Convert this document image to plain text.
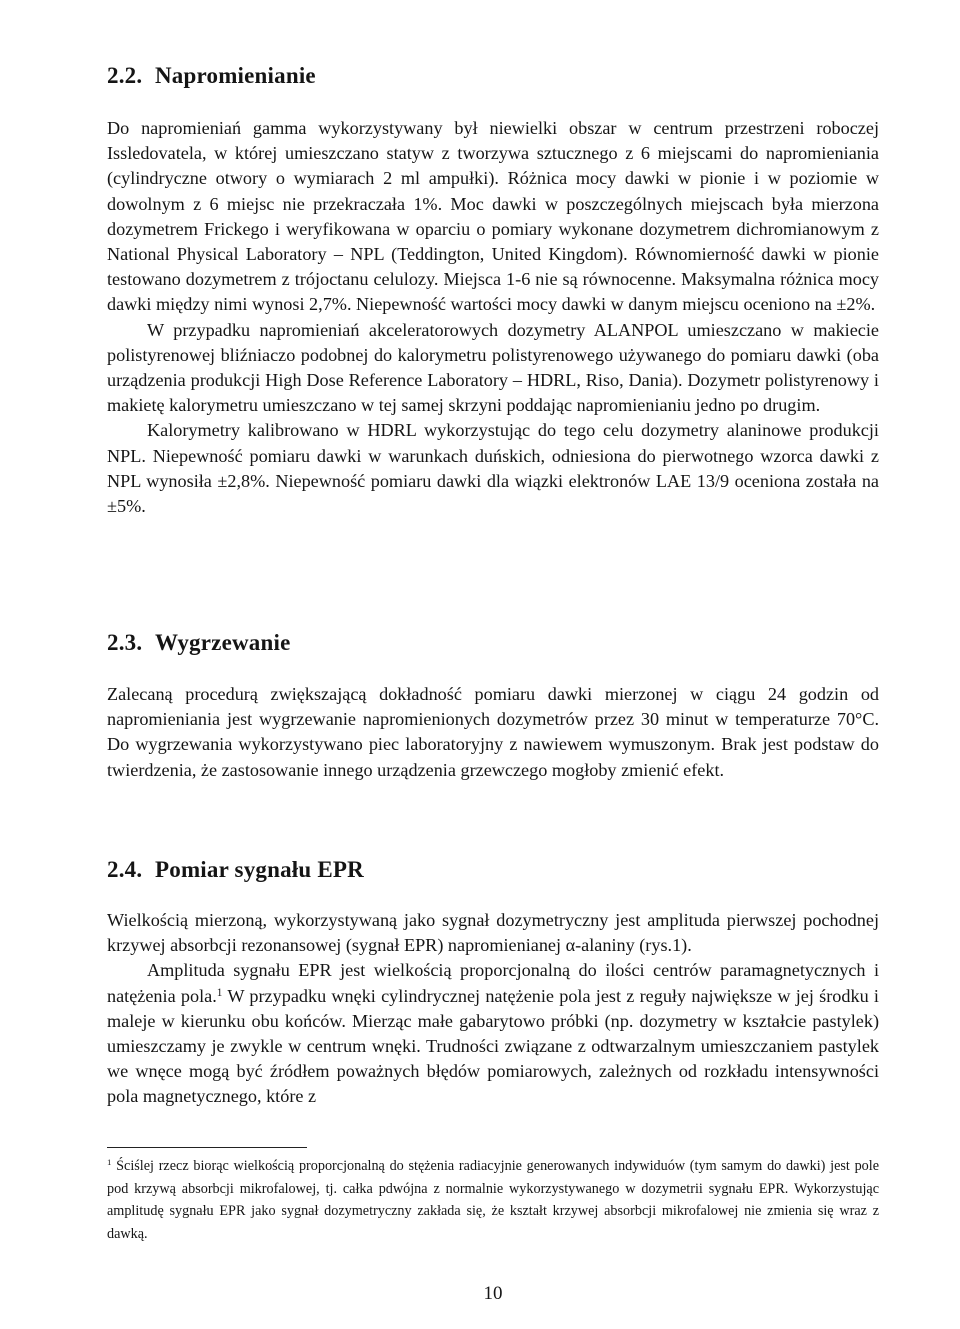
2.2. Napromienianie

Do napromieniań gamma wykorzystywany był niewielki obszar w centrum przestrzeni roboczej Issledovatela, w której umieszczano statyw z tworzywa sztucznego z 6 miejscami do napromieniania (cylindryczne otwory o wymiarach 2 ml ampułki). Różnica mocy dawki w pionie i w poziomie w dowolnym z 6 miejsc nie przekraczała 1%. Moc dawki w poszczególnych miejscach była mierzona dozymetrem Frickego i weryfikowana w oparciu o pomiary wykonane dozymetrem dichromianowym z National Physical Laboratory – NPL (Teddington, United Kingdom). Równomierność dawki w pionie testowano dozymetrem z trójoctanu celulozy. Miejsca 1-6 nie są równocenne. Maksymalna różnica mocy dawki między nimi wynosi 2,7%. Niepewność wartości mocy dawki w danym miejscu oceniono na ±2%.

W przypadku napromieniań akceleratorowych dozymetry ALANPOL umieszczano w makiecie polistyrenowej bliźniaczo podobnej do kalorymetru polistyrenowego używanego do pomiaru dawki (oba urządzenia produkcji High Dose Reference Laboratory – HDRL, Riso, Dania). Dozymetr polistyrenowy i makietę kalorymetru umieszczano w tej samej skrzyni poddając napromienianiu jedno po drugim.

Kalorymetry kalibrowano w HDRL wykorzystując do tego celu dozymetry alaninowe produkcji NPL. Niepewność pomiaru dawki w warunkach duńskich, odniesiona do pierwotnego wzorca dawki z NPL wynosiła ±2,8%. Niepewność pomiaru dawki dla wiązki elektronów LAE 13/9 oceniona została na ±5%.

2.3. Wygrzewanie

Zalecaną procedurą zwiększającą dokładność pomiaru dawki mierzonej w ciągu 24 godzin od napromieniania jest wygrzewanie napromienionych dozymetrów przez 30 minut w temperaturze 70°C. Do wygrzewania wykorzystywano piec laboratoryjny z nawiewem wymuszonym. Brak jest podstaw do twierdzenia, że zastosowanie innego urządzenia grzewczego mogłoby zmienić efekt.

2.4. Pomiar sygnału EPR

Wielkością mierzoną, wykorzystywaną jako sygnał dozymetryczny jest amplituda pierwszej pochodnej krzywej absorbcji rezonansowej (sygnał EPR) napromienianej α-alaniny (rys.1).

Amplituda sygnału EPR jest wielkością proporcjonalną do ilości centrów paramagnetycznych i natężenia pola.$^1$ W przypadku wnęki cylindrycznej natężenie pola jest z reguły największe w jej środku i maleje w kierunku obu końców. Mierząc małe gabarytowo próbki (np. dozymetry w kształcie pastylek) umieszczamy je zwykle w centrum wnęki. Trudności związane z odtwarzalnym umieszczaniem pastylek we wnęce mogą być źródłem poważnych błędów pomiarowych, zależnych od rozkładu intensywności pola magnetycznego, które z

$^1$ Ściślej rzecz biorąc wielkością proporcjonalną do stężenia radiacyjnie generowanych indywiduów (tym samym do dawki) jest pole pod krzywą absorbcji mikrofalowej, tj. całka pdwójna z normalnie wykorzystywanego w dozymetrii sygnału EPR. Wykorzystując amplitudę sygnału EPR jako sygnał dozymetryczny zakłada się, że kształt krzywej absorbcji mikrofalowej nie zmienia się wraz z dawką.
10
